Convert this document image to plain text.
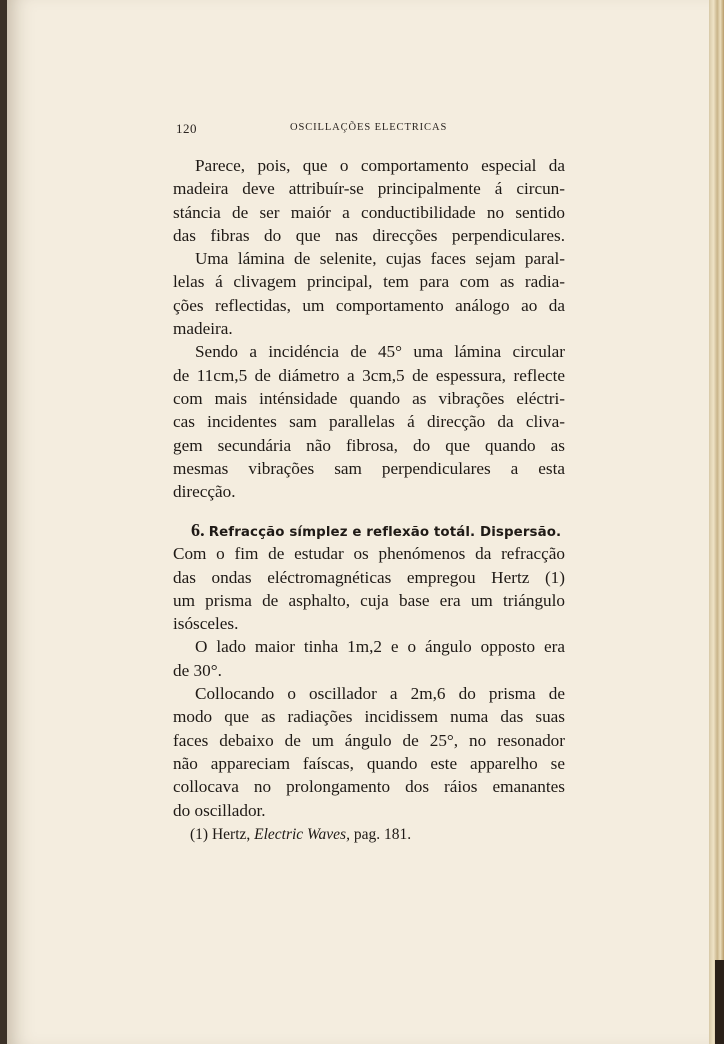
120	OSCILLAÇÕES ELECTRICAS
Parece, pois, que o comportamento especial da
madeira deve attribuír-se principalmente á circun-
stáncia de ser maiór a conductibilidade no sentido
das fibras do que nas direcções perpendiculares.
Uma lámina de selenite, cujas faces sejam paral-
lelas á clivagem principal, tem para com as radia-
ções reflectidas, um comportamento análogo ao da
madeira.
Sendo a incidéncia de 45° uma lámina circular
de 11cm,5 de diámetro a 3cm,5 de espessura, reflecte
com mais inténsidade quando as vibrações eléctri-
cas incidentes sam parallelas á direcção da cliva-
gem secundária não fibrosa, do que quando as
mesmas vibrações sam perpendiculares a esta
direcção.
6. Refracção símplez e reflexão totál. Dispersão.
Com o fim de estudar os phenómenos da refracção
das ondas eléctromagnéticas empregou Hertz (1)
um prisma de asphalto, cuja base era um triángulo
isósceles.
O lado maior tinha 1m,2 e o ángulo opposto era
de 30°.
Collocando o oscillador a 2m,6 do prisma de
modo que as radiações incidissem numa das suas
faces debaixo de um ángulo de 25°, no resonador
não appareciam faíscas, quando este apparelho se
collocava no prolongamento dos ráios emanantes
do oscillador.
(1) Hertz, Electric Waves, pag. 181.
